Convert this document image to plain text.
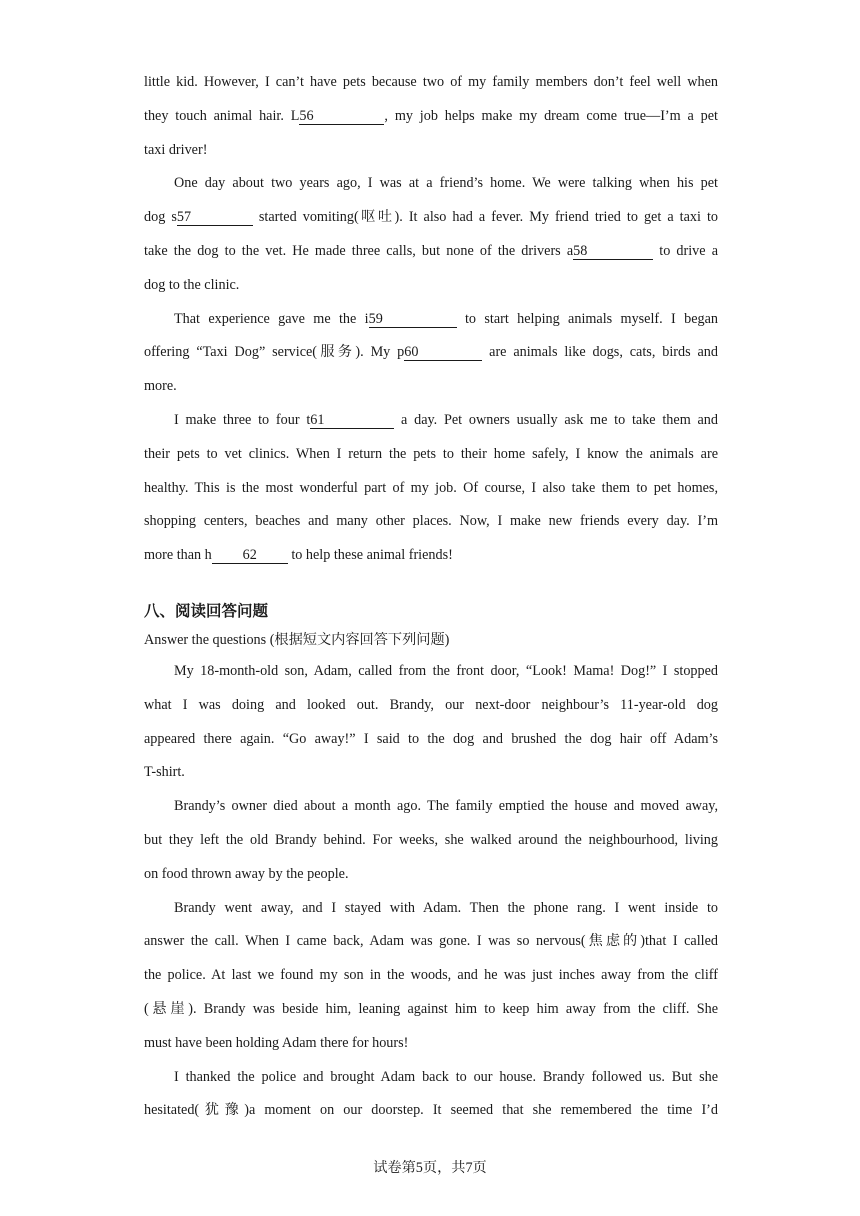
little kid. However, I can’t have pets because two of my family members don’t feel well when

they touch animal hair. L56	, my job helps make my dream come true—I’m a pet

taxi driver!

One day about two years ago, I was at a friend’s home. We were talking when his pet

dog s57	started vomiting(呕吐). It also had a fever. My friend tried to get a taxi to

take the dog to the vet. He made three calls, but none of the drivers a58	to drive a

dog to the clinic.

That experience gave me the i59	to start helping animals myself. I began

offering “Taxi Dog” service(服务). My p60	are animals like dogs, cats, birds and

more.

I make three to four t61	a day. Pet owners usually ask me to take them and

their pets to vet clinics. When I return the pets to their home safely, I know the animals are

healthy. This is the most wonderful part of my job. Of course, I also take them to pet homes,

shopping centers, beaches and many other places. Now, I make new friends every day. I’m

more than h 62 to help these animal friends!

八、阅读回答问题

Answer the questions (根据短文内容回答下列问题)

My 18-month-old son, Adam, called from the front door, “Look! Mama! Dog!” I stopped

what I was doing and looked out. Brandy, our next-door neighbour’s 11-year-old dog

appeared there again. “Go away!” I said to the dog and brushed the dog hair off Adam’s

T-shirt.

Brandy’s owner died about a month ago. The family emptied the house and moved away,

but they left the old Brandy behind. For weeks, she walked around the neighbourhood, living

on food thrown away by the people.

Brandy went away, and I stayed with Adam. Then the phone rang. I went inside to

answer the call. When I came back, Adam was gone. I was so nervous(焦虑的)that I called

the police. At last we found my son in the woods, and he was just inches away from the cliff

(悬崖). Brandy was beside him, leaning against him to keep him away from the cliff. She

must have been holding Adam there for hours!

I thanked the police and brought Adam back to our house. Brandy followed us. But she

hesitated(犹豫)a moment on our doorstep. It seemed that she remembered the time I’d

试卷第5页，共7页
